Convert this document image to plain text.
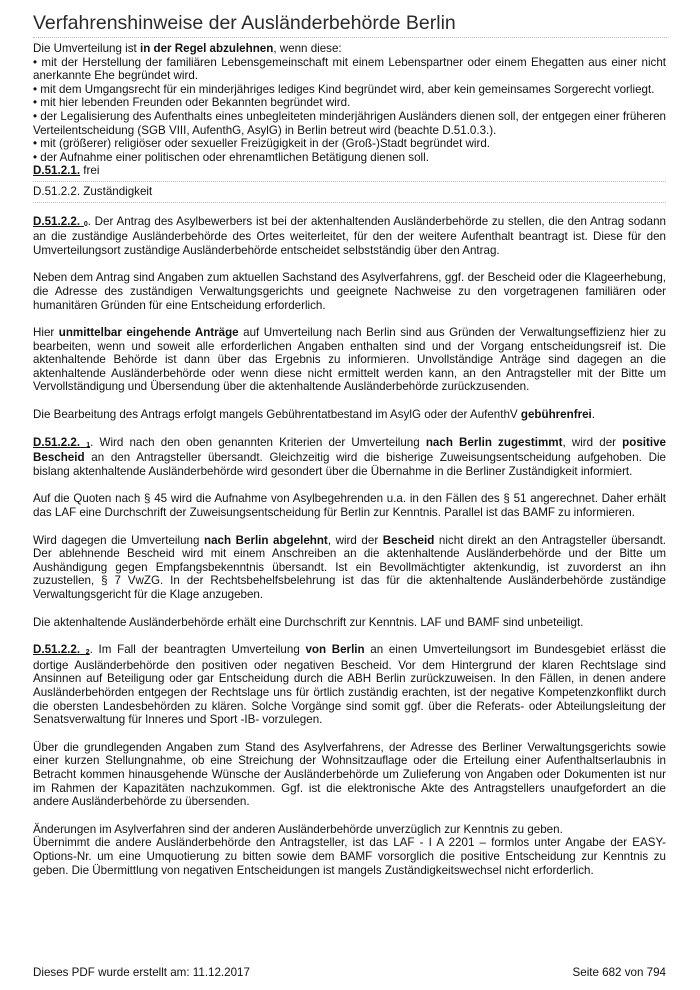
Verfahrenshinweise der Ausländerbehörde Berlin

Die Umverteilung ist in der Regel abzulehnen, wenn diese:

• mit der Herstellung der familiären Lebensgemeinschaft mit einem Lebenspartner oder einem Ehegatten aus einer nicht anerkannte Ehe begründet wird.

• mit dem Umgangsrecht für ein minderjähriges lediges Kind begründet wird, aber kein gemeinsames Sorgerecht vorliegt.

• mit hier lebenden Freunden oder Bekannten begründet wird.

• der Legalisierung des Aufenthalts eines unbegleiteten minderjährigen Ausländers dienen soll, der entgegen einer früheren Verteilentscheidung (SGB VIII, AufenthG, AsylG) in Berlin betreut wird (beachte D.51.0.3.).

• mit (größerer) religiöser oder sexueller Freizügigkeit in der (Groß-)Stadt begründet wird.

• der Aufnahme einer politischen oder ehrenamtlichen Betätigung dienen soll.

D.51.2.1. frei

D.51.2.2. Zuständigkeit

D.51.2.2. $_0$. Der Antrag des Asylbewerbers ist bei der aktenhaltenden Ausländerbehörde zu stellen, die den Antrag sodann an die zuständige Ausländerbehörde des Ortes weiterleitet, für den der weitere Aufenthalt beantragt ist. Diese für den Umverteilungsort zuständige Ausländerbehörde entscheidet selbstständig über den Antrag.

Neben dem Antrag sind Angaben zum aktuellen Sachstand des Asylverfahrens, ggf. der Bescheid oder die Klageerhebung, die Adresse des zuständigen Verwaltungsgerichts und geeignete Nachweise zu den vorgetragenen familiären oder humanitären Gründen für eine Entscheidung erforderlich.

Hier unmittelbar eingehende Anträge auf Umverteilung nach Berlin sind aus Gründen der Verwaltungseffizienz hier zu bearbeiten, wenn und soweit alle erforderlichen Angaben enthalten sind und der Vorgang entscheidungsreif ist. Die aktenhaltende Behörde ist dann über das Ergebnis zu informieren. Unvollständige Anträge sind dagegen an die aktenhaltende Ausländerbehörde oder wenn diese nicht ermittelt werden kann, an den Antragsteller mit der Bitte um Vervollständigung und Übersendung über die aktenhaltende Ausländerbehörde zurückzusenden.

Die Bearbeitung des Antrags erfolgt mangels Gebührentatbestand im AsylG oder der AufenthV gebührenfrei.

D.51.2.2. $_1$. Wird nach den oben genannten Kriterien der Umverteilung nach Berlin zugestimmt, wird der positive Bescheid an den Antragsteller übersandt. Gleichzeitig wird die bisherige Zuweisungsentscheidung aufgehoben. Die bislang aktenhaltende Ausländerbehörde wird gesondert über die Übernahme in die Berliner Zuständigkeit informiert.

Auf die Quoten nach § 45 wird die Aufnahme von Asylbegehrenden u.a. in den Fällen des § 51 angerechnet. Daher erhält das LAF eine Durchschrift der Zuweisungsentscheidung für Berlin zur Kenntnis. Parallel ist das BAMF zu informieren.

Wird dagegen die Umverteilung nach Berlin abgelehnt, wird der Bescheid nicht direkt an den Antragsteller übersandt. Der ablehnende Bescheid wird mit einem Anschreiben an die aktenhaltende Ausländerbehörde und der Bitte um Aushändigung gegen Empfangsbekenntnis übersandt. Ist ein Bevollmächtigter aktenkundig, ist zuvorderst an ihn zuzustellen, § 7 VwZG. In der Rechtsbehelfsbelehrung ist das für die aktenhaltende Ausländerbehörde zuständige Verwaltungsgericht für die Klage anzugeben.

Die aktenhaltende Ausländerbehörde erhält eine Durchschrift zur Kenntnis. LAF und BAMF sind unbeteiligt.

D.51.2.2. $_2$. Im Fall der beantragten Umverteilung von Berlin an einen Umverteilungsort im Bundesgebiet erlässt die dortige Ausländerbehörde den positiven oder negativen Bescheid. Vor dem Hintergrund der klaren Rechtslage sind Ansinnen auf Beteiligung oder gar Entscheidung durch die ABH Berlin zurückzuweisen. In den Fällen, in denen andere Ausländerbehörden entgegen der Rechtslage uns für örtlich zuständig erachten, ist der negative Kompetenzkonflikt durch die obersten Landesbehörden zu klären. Solche Vorgänge sind somit ggf. über die Referats- oder Abteilungsleitung der Senatsverwaltung für Inneres und Sport -IB- vorzulegen.

Über die grundlegenden Angaben zum Stand des Asylverfahrens, der Adresse des Berliner Verwaltungsgerichts sowie einer kurzen Stellungnahme, ob eine Streichung der Wohnsitzauflage oder die Erteilung einer Aufenthaltserlaubnis in Betracht kommen hinausgehende Wünsche der Ausländerbehörde um Zulieferung von Angaben oder Dokumenten ist nur im Rahmen der Kapazitäten nachzukommen. Ggf. ist die elektronische Akte des Antragstellers unaufgefordert an die andere Ausländerbehörde zu übersenden.

Änderungen im Asylverfahren sind der anderen Ausländerbehörde unverzüglich zur Kenntnis zu geben.

Übernimmt die andere Ausländerbehörde den Antragsteller, ist das LAF - I A 2201 – formlos unter Angabe der EASY-Options-Nr. um eine Umquotierung zu bitten sowie dem BAMF vorsorglich die positive Entscheidung zur Kenntnis zu geben. Die Übermittlung von negativen Entscheidungen ist mangels Zuständigkeitswechsel nicht erforderlich.

Dieses PDF wurde erstellt am: 11.12.2017	Seite 682 von 794
